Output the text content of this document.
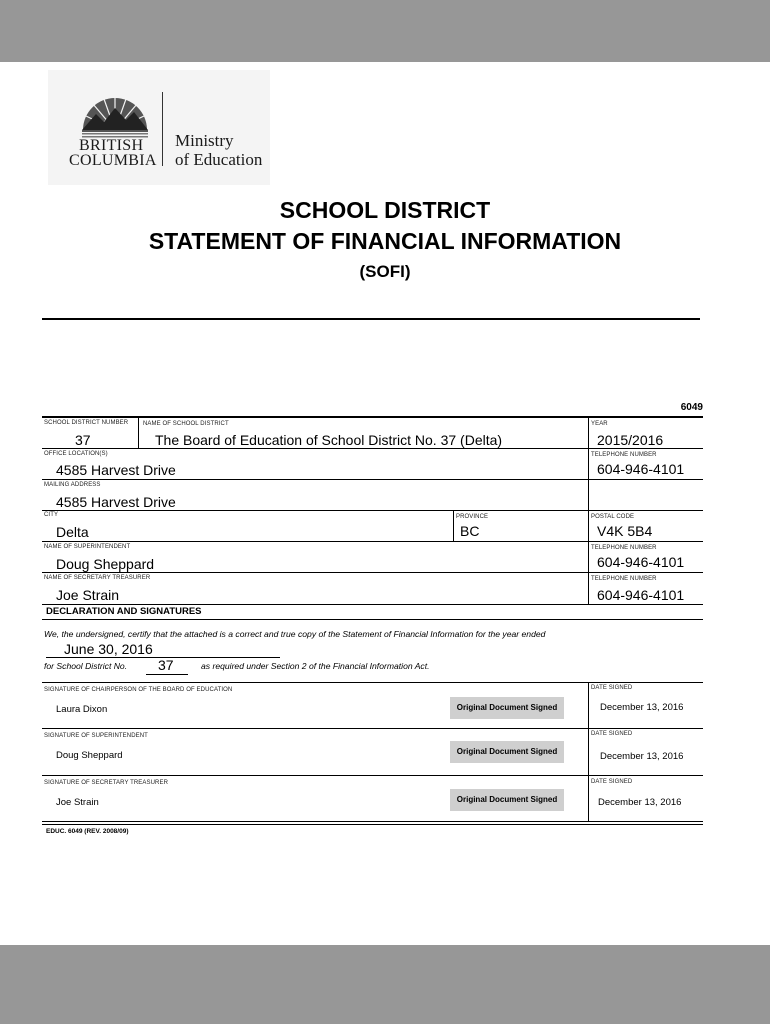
BRITISH
COLUMBIA
Ministry
of Education
SCHOOL DISTRICT
STATEMENT OF FINANCIAL INFORMATION
(SOFI)
6049
SCHOOL DISTRICT NUMBER
37
NAME OF SCHOOL DISTRICT
The Board of Education of School District No. 37 (Delta)
YEAR
2015/2016
OFFICE LOCATION(S)
4585 Harvest Drive
TELEPHONE NUMBER
604-946-4101
MAILING ADDRESS
4585 Harvest Drive
CITY
Delta
PROVINCE
BC
POSTAL CODE
V4K 5B4
NAME OF SUPERINTENDENT
Doug Sheppard
TELEPHONE NUMBER
604-946-4101
NAME OF SECRETARY TREASURER
Joe Strain
TELEPHONE NUMBER
604-946-4101
DECLARATION AND SIGNATURES
We, the undersigned, certify that the attached is a correct and true copy of the Statement of Financial Information for the year ended
June 30, 2016
for School District No. 37	as required under Section 2 of the Financial Information Act.
SIGNATURE OF CHAIRPERSON OF THE BOARD OF EDUCATION
Laura Dixon	Original Document Signed
DATE SIGNED
December 13, 2016
SIGNATURE OF SUPERINTENDENT
Doug Sheppard	Original Document Signed
DATE SIGNED
December 13, 2016
SIGNATURE OF SECRETARY TREASURER
Joe Strain	Original Document Signed
DATE SIGNED
December 13, 2016
EDUC. 6049 (REV. 2008/09)
